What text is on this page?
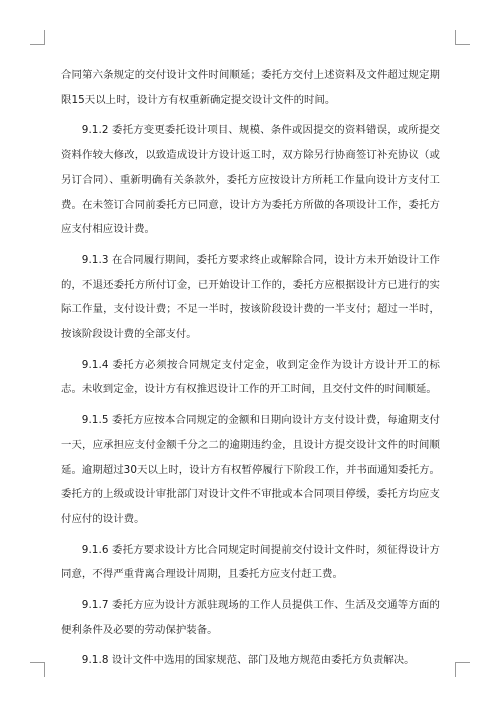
合同第六条规定的交付设计文件时间顺延；委托方交付上述资料及文件超过规定期限15天以上时，设计方有权重新确定提交设计文件的时间。

9.1.2 委托方变更委托设计项目、规模、条件或因提交的资料错误，或所提交资料作较大修改，以致造成设计方设计返工时，双方除另行协商签订补充协议（或另订合同）、重新明确有关条款外，委托方应按设计方所耗工作量向设计方支付工费。在未签订合同前委托方已同意，设计方为委托方所做的各项设计工作，委托方应支付相应设计费。

9.1.3 在合同履行期间，委托方要求终止或解除合同，设计方未开始设计工作的，不退还委托方所付订金，已开始设计工作的，委托方应根据设计方已进行的实际工作量，支付设计费；不足一半时，按该阶段设计费的一半支付；超过一半时，按该阶段设计费的全部支付。

9.1.4 委托方必须按合同规定支付定金，收到定金作为设计方设计开工的标志。未收到定金，设计方有权推迟设计工作的开工时间，且交付文件的时间顺延。

9.1.5 委托方应按本合同规定的金额和日期向设计方支付设计费，每逾期支付一天，应承担应支付金额千分之二的逾期违约金，且设计方提交设计文件的时间顺延。逾期超过30天以上时，设计方有权暂停履行下阶段工作，并书面通知委托方。委托方的上级或设计审批部门对设计文件不审批或本合同项目停缓，委托方均应支付应付的设计费。

9.1.6 委托方要求设计方比合同规定时间提前交付设计文件时，须征得设计方同意，不得严重背离合理设计周期，且委托方应支付赶工费。

9.1.7 委托方应为设计方派驻现场的工作人员提供工作、生活及交通等方面的便利条件及必要的劳动保护装备。

9.1.8 设计文件中选用的国家规范、部门及地方规范由委托方负责解决。
